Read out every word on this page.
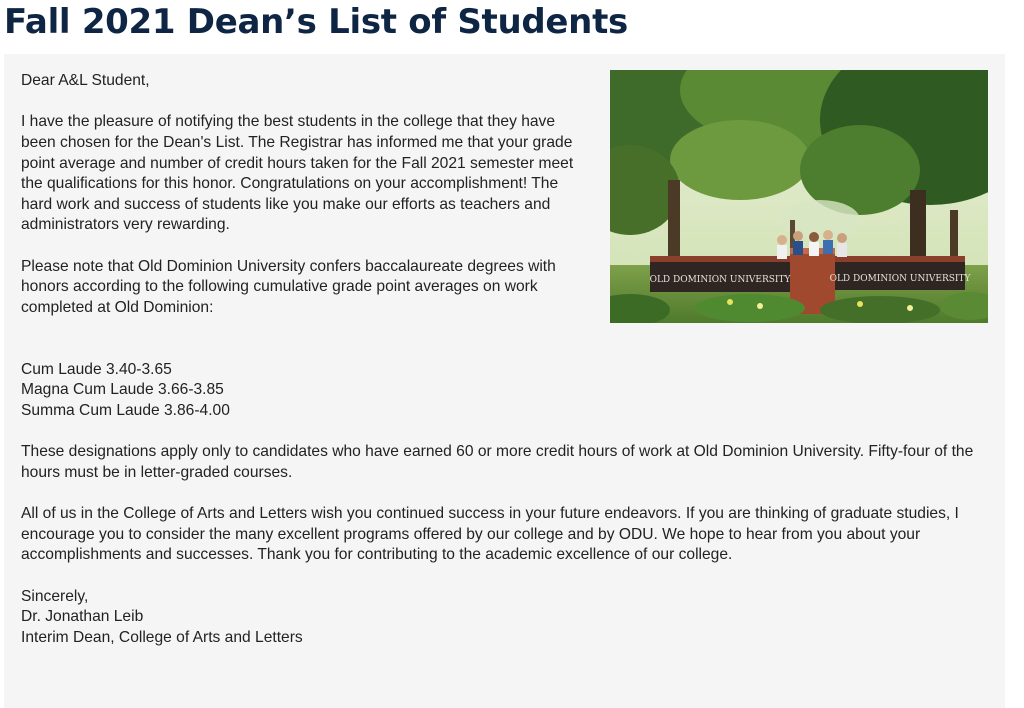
Fall 2021 Dean’s List of Students
OLD DOMINION UNIVERSITY	OLD DOMINION UNIVERSITY

Dear A&L Student,

I have the pleasure of notifying the best students in the college that they have been chosen for the Dean's List. The Registrar has informed me that your grade point average and number of credit hours taken for the Fall 2021 semester meet the qualifications for this honor. Congratulations on your accomplishment! The hard work and success of students like you make our efforts as teachers and administrators very rewarding.

Please note that Old Dominion University confers baccalaureate degrees with honors according to the following cumulative grade point averages on work completed at Old Dominion:

Cum Laude 3.40-3.65
Magna Cum Laude 3.66-3.85
Summa Cum Laude 3.86-4.00

These designations apply only to candidates who have earned 60 or more credit hours of work at Old Dominion University. Fifty-four of the hours must be in letter-graded courses.

All of us in the College of Arts and Letters wish you continued success in your future endeavors. If you are thinking of graduate studies, I encourage you to consider the many excellent programs offered by our college and by ODU. We hope to hear from you about your accomplishments and successes. Thank you for contributing to the academic excellence of our college.

Sincerely,
Dr. Jonathan Leib
Interim Dean, College of Arts and Letters
